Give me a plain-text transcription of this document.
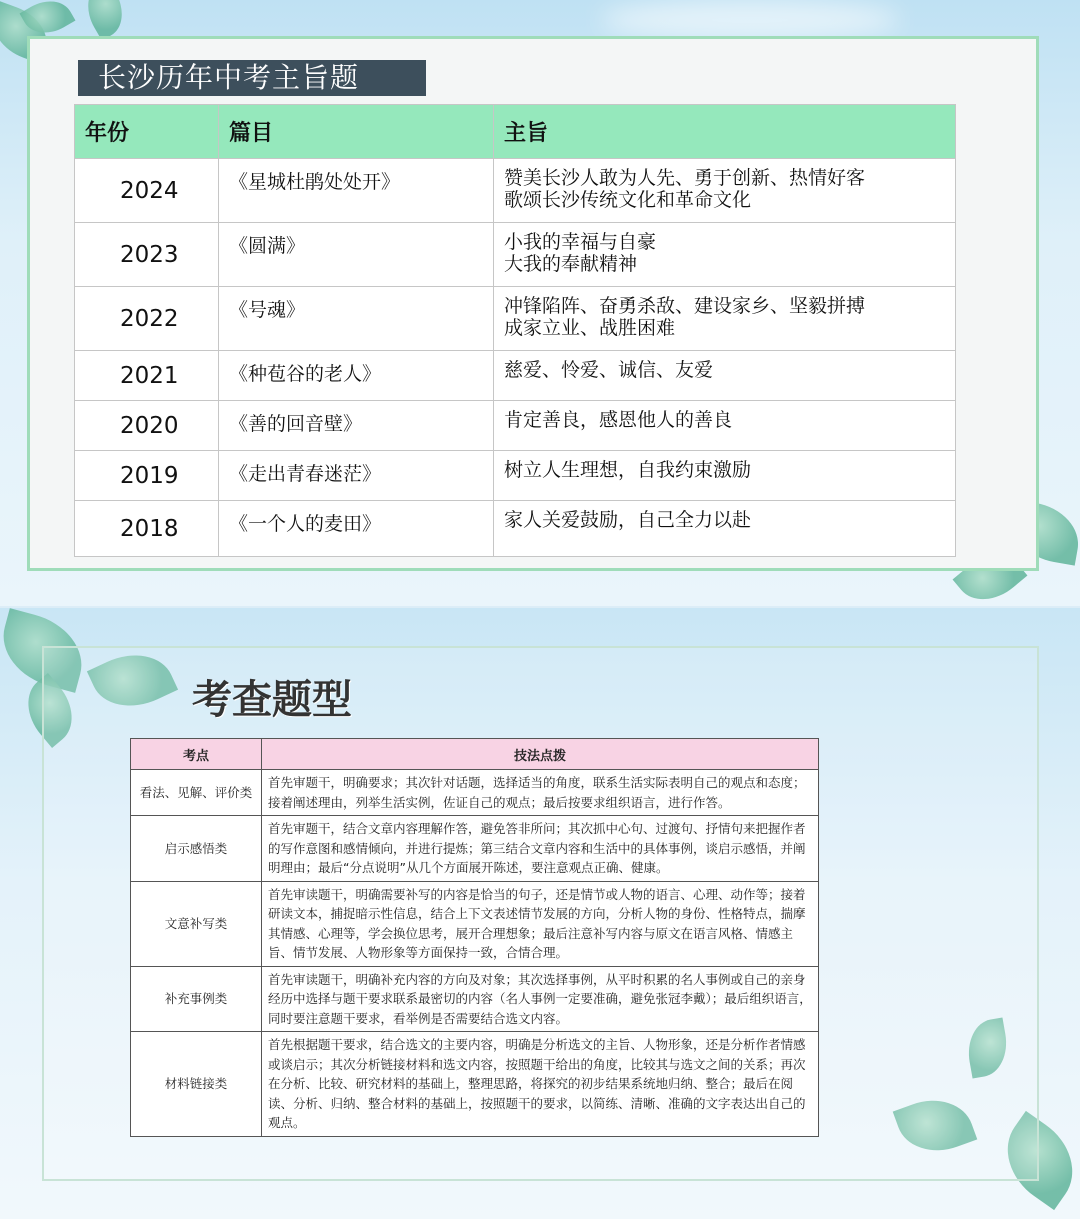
长沙历年中考主旨题
年份	篇目	主旨
2024	《星城杜鹃处处开》	赞美长沙人敢为人先、勇于创新、热情好客
歌颂长沙传统文化和革命文化

2023	《圆满》	小我的幸福与自豪
大我的奉献精神

2022	《号魂》	冲锋陷阵、奋勇杀敌、建设家乡、坚毅拼搏
成家立业、战胜困难

2021	《种苞谷的老人》	慈爱、怜爱、诚信、友爱

2020	《善的回音壁》	肯定善良，感恩他人的善良

2019	《走出青春迷茫》	树立人生理想，自我约束激励

2018	《一个人的麦田》	家人关爱鼓励，自己全力以赴
考查题型
考点	技法点拨
看法、见解、评价类	首先审题干，明确要求；其次针对话题，选择适当的角度，联系生活实际表明自己的观点和态度；接着阐述理由，列举生活实例，佐证自己的观点；最后按要求组织语言，进行作答。
启示感悟类	首先审题干，结合文章内容理解作答，避免答非所问；其次抓中心句、过渡句、抒情句来把握作者的写作意图和感情倾向，并进行提炼；第三结合文章内容和生活中的具体事例，谈启示感悟，并阐明理由；最后“分点说明”从几个方面展开陈述，要注意观点正确、健康。
文意补写类	首先审读题干，明确需要补写的内容是恰当的句子，还是情节或人物的语言、心理、动作等；接着研读文本，捕捉暗示性信息，结合上下文表述情节发展的方向，分析人物的身份、性格特点，揣摩其情感、心理等，学会换位思考，展开合理想象；最后注意补写内容与原文在语言风格、情感主旨、情节发展、人物形象等方面保持一致，合情合理。
补充事例类	首先审读题干，明确补充内容的方向及对象；其次选择事例，从平时积累的名人事例或自己的亲身经历中选择与题干要求联系最密切的内容（名人事例一定要准确，避免张冠李戴）；最后组织语言，同时要注意题干要求，看举例是否需要结合选文内容。
材料链接类	首先根据题干要求，结合选文的主要内容，明确是分析选文的主旨、人物形象，还是分析作者情感或谈启示；其次分析链接材料和选文内容，按照题干给出的角度，比较其与选文之间的关系；再次在分析、比较、研究材料的基础上，整理思路，将探究的初步结果系统地归纳、整合；最后在阅读、分析、归纳、整合材料的基础上，按照题干的要求，以简练、清晰、准确的文字表达出自己的观点。
